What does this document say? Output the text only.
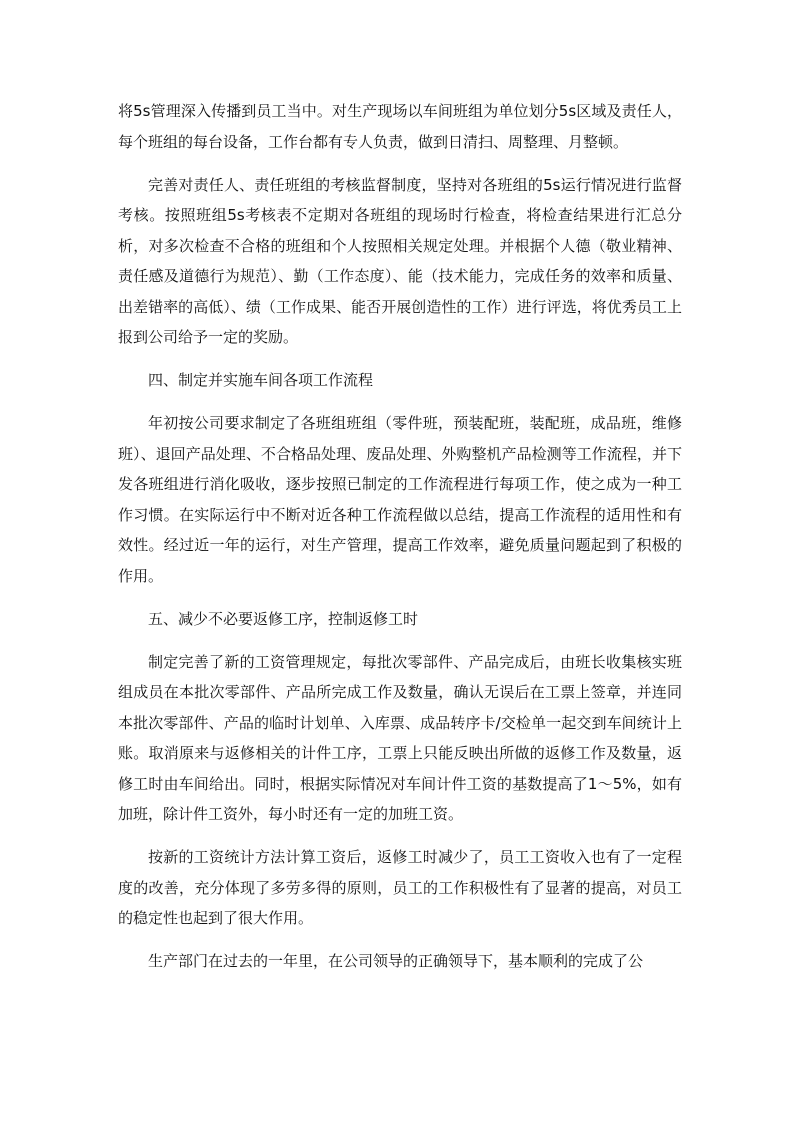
将5s管理深入传播到员工当中。对生产现场以车间班组为单位划分5s区域及责任人，每个班组的每台设备，工作台都有专人负责，做到日清扫、周整理、月整顿。

完善对责任人、责任班组的考核监督制度，坚持对各班组的5s运行情况进行监督考核。按照班组5s考核表不定期对各班组的现场时行检查，将检查结果进行汇总分析，对多次检查不合格的班组和个人按照相关规定处理。并根据个人德（敬业精神、责任感及道德行为规范）、勤（工作态度）、能（技术能力，完成任务的效率和质量、出差错率的高低）、绩（工作成果、能否开展创造性的工作）进行评选，将优秀员工上报到公司给予一定的奖励。

四、制定并实施车间各项工作流程

年初按公司要求制定了各班组班组（零件班，预装配班，装配班，成品班，维修班）、退回产品处理、不合格品处理、废品处理、外购整机产品检测等工作流程，并下发各班组进行消化吸收，逐步按照已制定的工作流程进行每项工作，使之成为一种工作习惯。在实际运行中不断对近各种工作流程做以总结，提高工作流程的适用性和有效性。经过近一年的运行，对生产管理，提高工作效率，避免质量问题起到了积极的作用。

五、减少不必要返修工序，控制返修工时

制定完善了新的工资管理规定，每批次零部件、产品完成后，由班长收集核实班组成员在本批次零部件、产品所完成工作及数量，确认无误后在工票上签章，并连同本批次零部件、产品的临时计划单、入库票、成品转序卡/交检单一起交到车间统计上账。取消原来与返修相关的计件工序，工票上只能反映出所做的返修工作及数量，返修工时由车间给出。同时，根据实际情况对车间计件工资的基数提高了1～5%，如有加班，除计件工资外，每小时还有一定的加班工资。

按新的工资统计方法计算工资后，返修工时减少了，员工工资收入也有了一定程度的改善，充分体现了多劳多得的原则，员工的工作积极性有了显著的提高，对员工的稳定性也起到了很大作用。

生产部门在过去的一年里，在公司领导的正确领导下，基本顺利的完成了公
